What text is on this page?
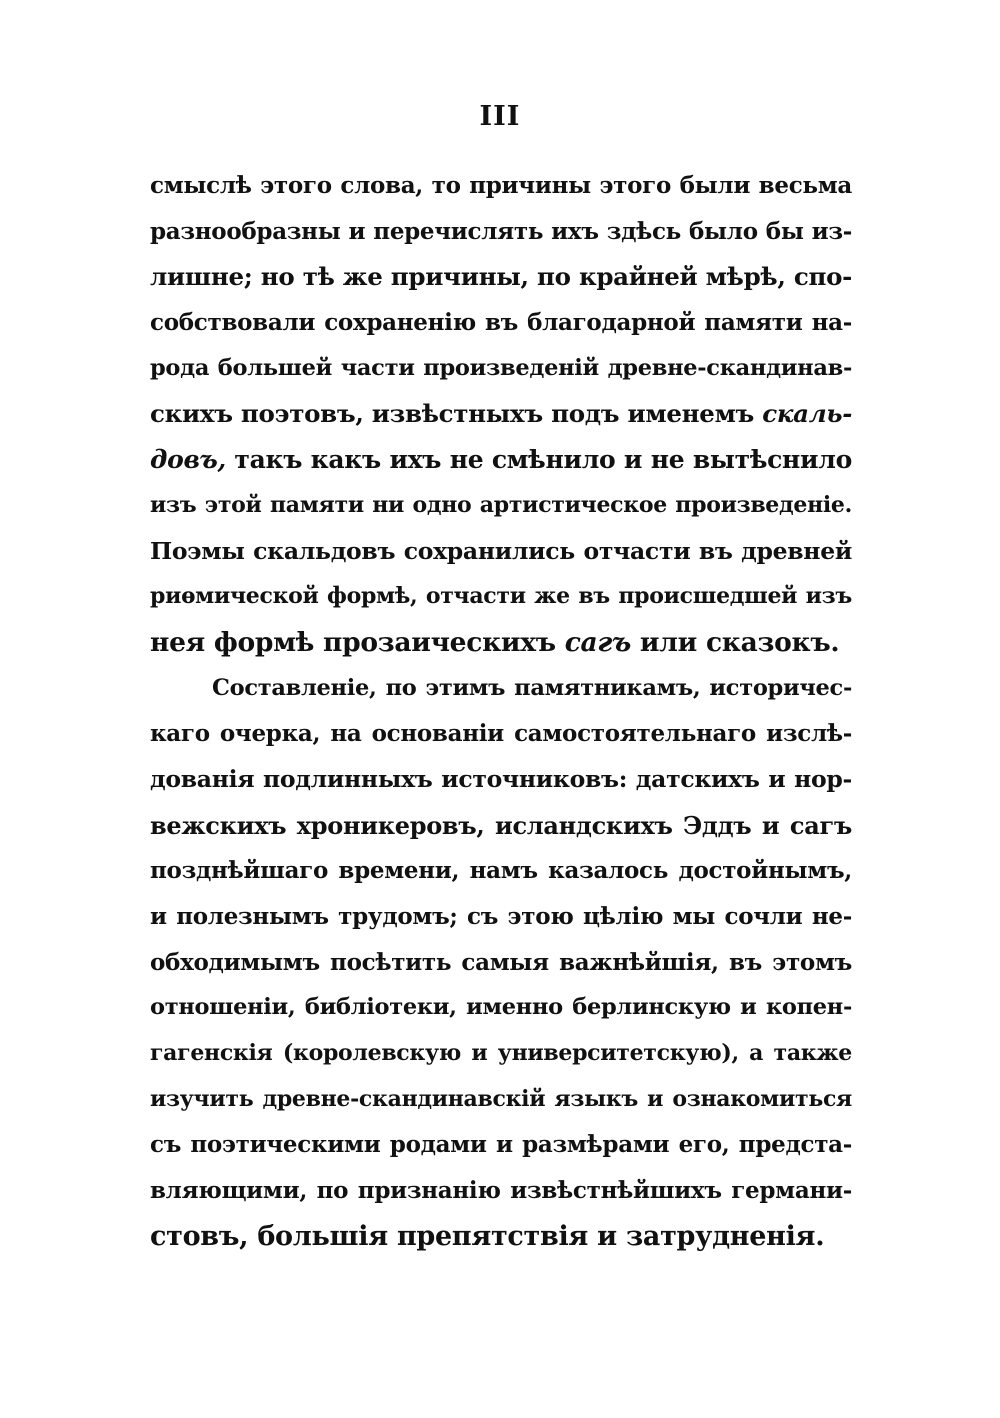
III
смыслѣ этого слова, то причины этого были весьма
разнообразны и перечислять ихъ здѣсь было бы из-
лишне; но тѣ же причины, по крайней мѣрѣ, спо-
собствовали сохраненію въ благодарной памяти на-
рода большей части произведеній древне-скандинав-
скихъ поэтовъ, извѣстныхъ подъ именемъ скаль-
довъ, такъ какъ ихъ не смѣнило и не вытѣснило
изъ этой памяти ни одно артистическое произведеніе.
Поэмы скальдовъ сохранились отчасти въ древней
риѳмической формѣ, отчасти же въ происшедшей изъ
нея формѣ прозаическихъ сагъ или сказокъ.
Составленіе, по этимъ памятникамъ, историчес-
каго очерка, на основаніи самостоятельнаго изслѣ-
дованія подлинныхъ источниковъ: датскихъ и нор-
вежскихъ хроникеровъ, исландскихъ Эддъ и сагъ
позднѣйшаго времени, намъ казалось достойнымъ,
и полезнымъ трудомъ; съ этою цѣлію мы сочли не-
обходимымъ посѣтить самыя важнѣйшія, въ этомъ
отношеніи, библіотеки, именно берлинскую и копен-
гагенскія (королевскую и университетскую), а также
изучить древне-скандинавскій языкъ и ознакомиться
съ поэтическими родами и размѣрами его, предста-
вляющими, по признанію извѣстнѣйшихъ германи-
стовъ, большія препятствія и затрудненія.
